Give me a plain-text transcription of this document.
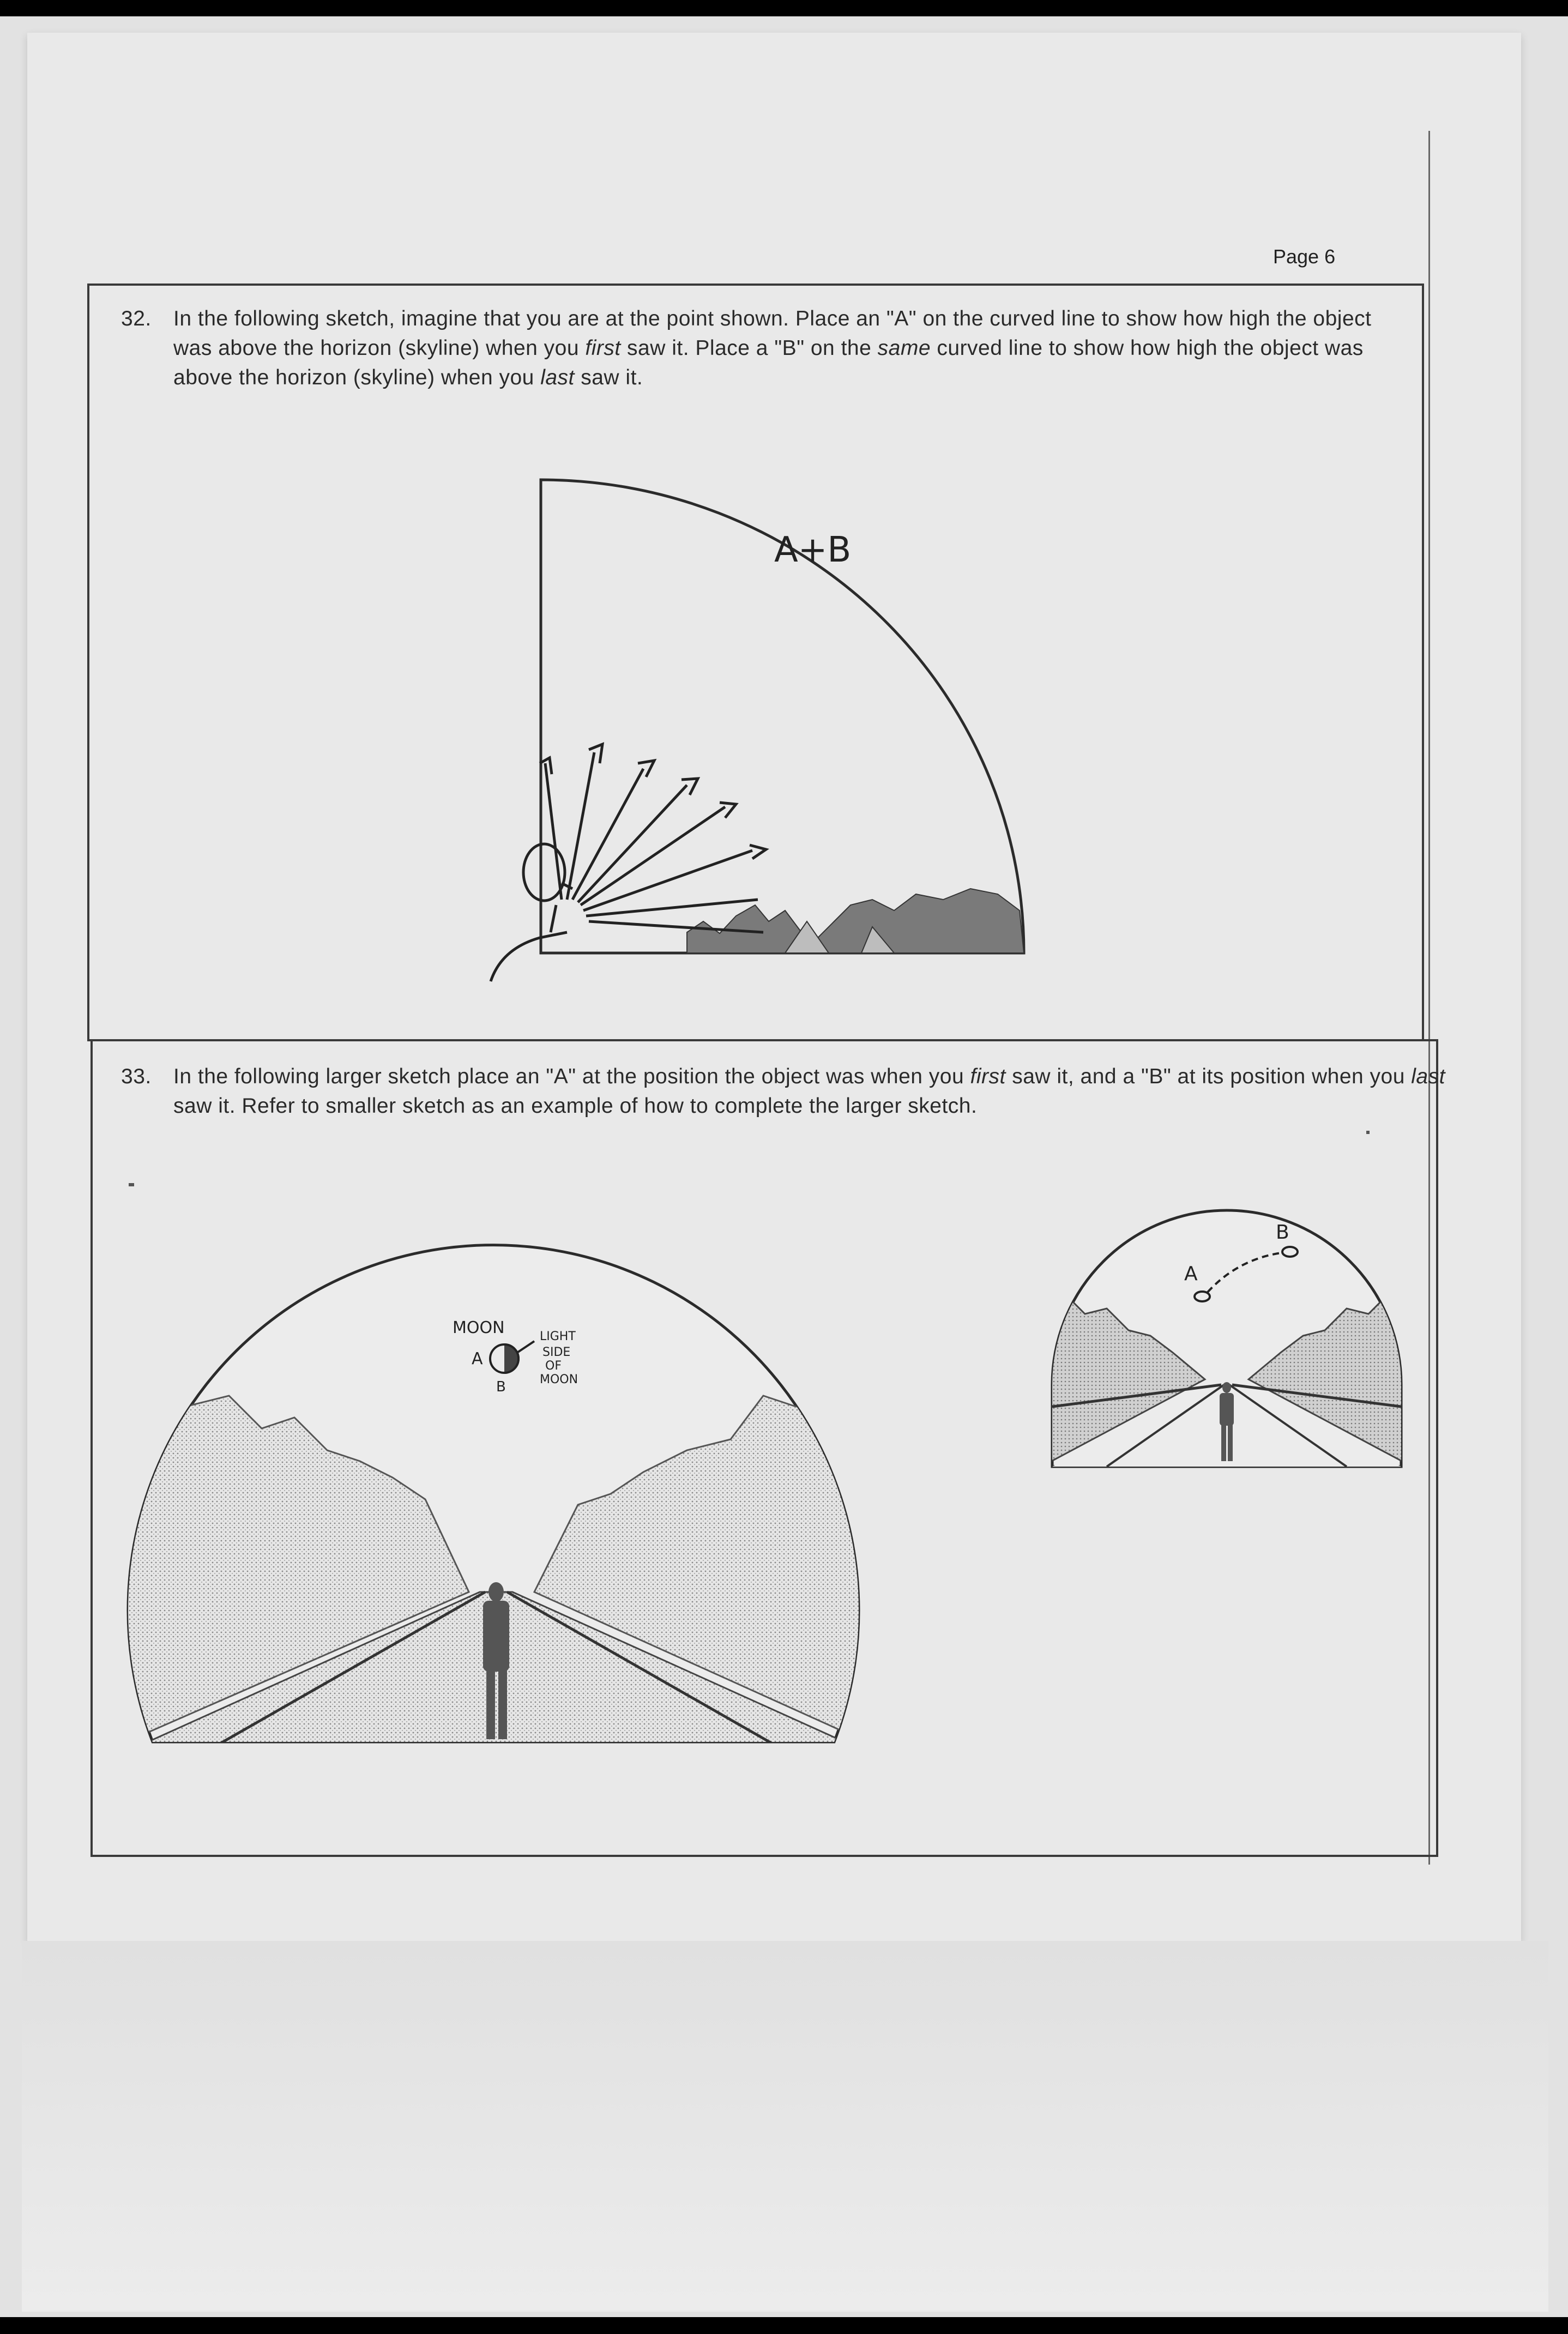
Page 6
32.	In the following sketch, imagine that you are at the point shown. Place an "A" on the curved line to show how high the object was above the horizon (skyline) when you first saw it. Place a "B" on the same curved line to show how high the object was above the horizon (skyline) when you last saw it.
A+B
33.	In the following larger sketch place an "A" at the position the object was when you first saw it, and a "B" at its position when you last saw it. Refer to smaller sketch as an example of how to complete the larger sketch.
MOON
A
B
LIGHT
SIDE
OF
MOON
A
B
